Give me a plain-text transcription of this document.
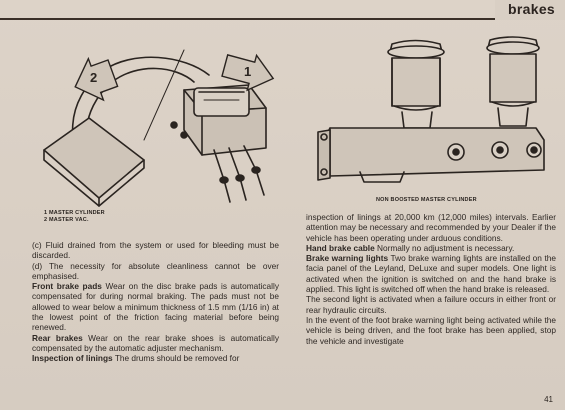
brakes
2	1
1 MASTER CYLINDER
2 MASTER VAC.
NON BOOSTED MASTER CYLINDER

(c) Fluid drained from the system or used for bleeding must be discarded.

(d) The necessity for absolute cleanliness cannot be over emphasised.

Front brake pads Wear on the disc brake pads is automatically compensated for during normal braking. The pads must not be allowed to wear below a minimum thickness of 1.5 mm (1/16 in) at the lowest point of the friction facing material before being renewed.

Rear brakes Wear on the rear brake shoes is automatically compensated by the automatic adjuster mechanism.

Inspection of linings The drums should be removed for

inspection of linings at 20,000 km (12,000 miles) intervals. Earlier attention may be necessary and recommended by your Dealer if the vehicle has been operating under arduous conditions.

Hand brake cable Normally no adjustment is necessary.

Brake warning lights Two brake warning lights are installed on the facia panel of the Leyland, DeLuxe and super models. One light is activated when the ignition is switched on and the hand brake is applied. This light is switched off when the hand brake is released.

The second light is activated when a failure occurs in either front or rear hydraulic circuits.

In the event of the foot brake warning light being activated while the vehicle is being driven, and the foot brake has been applied, stop the vehicle and investigate

41
